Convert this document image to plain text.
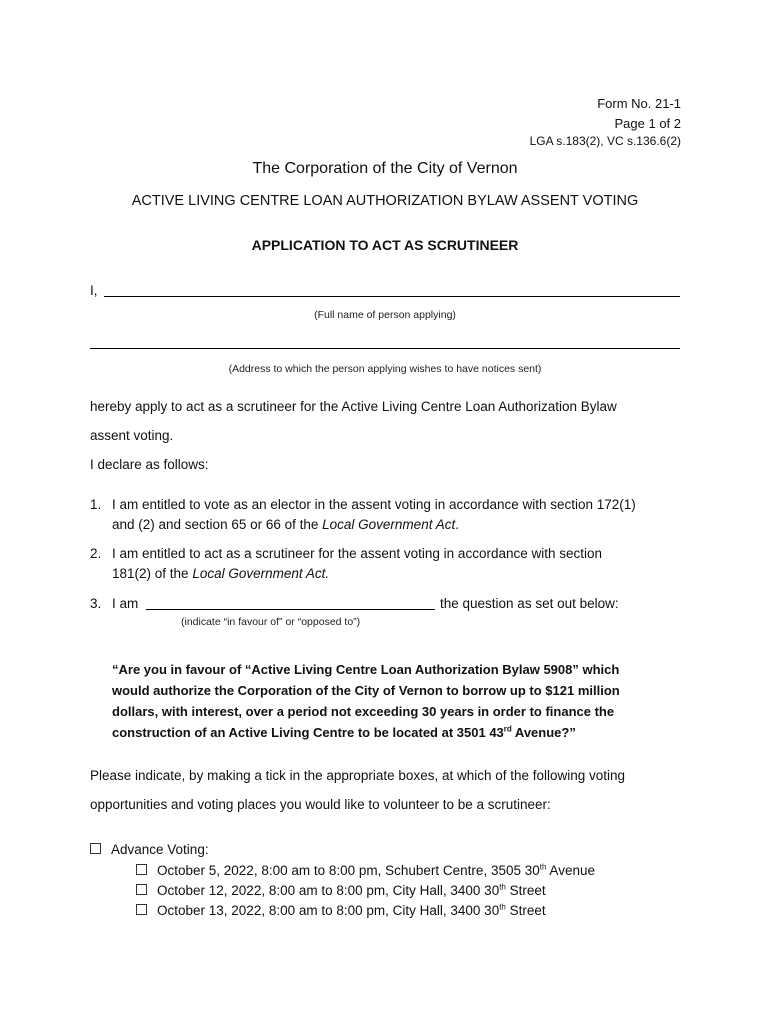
Form No. 21-1
Page 1 of 2
LGA s.183(2), VC s.136.6(2)
The Corporation of the City of Vernon
ACTIVE LIVING CENTRE LOAN AUTHORIZATION BYLAW ASSENT VOTING
APPLICATION TO ACT AS SCRUTINEER
I,
(Full name of person applying)
(Address to which the person applying wishes to have notices sent)
hereby apply to act as a scrutineer for the Active Living Centre Loan Authorization Bylaw
assent voting.
I declare as follows:
1. I am entitled to vote as an elector in the assent voting in accordance with section 172(1)
and (2) and section 65 or 66 of the Local Government Act.
2. I am entitled to act as a scrutineer for the assent voting in accordance with section
181(2) of the Local Government Act.
3. I am	the question as set out below:
(indicate “in favour of” or “opposed to”)
“Are you in favour of “Active Living Centre Loan Authorization Bylaw 5908” which
would authorize the Corporation of the City of Vernon to borrow up to $121 million
dollars, with interest, over a period not exceeding 30 years in order to finance the
construction of an Active Living Centre to be located at 3501 43rd Avenue?”
Please indicate, by making a tick in the appropriate boxes, at which of the following voting
opportunities and voting places you would like to volunteer to be a scrutineer:
Advance Voting:
October 5, 2022, 8:00 am to 8:00 pm, Schubert Centre, 3505 30th Avenue
October 12, 2022, 8:00 am to 8:00 pm, City Hall, 3400 30th Street
October 13, 2022, 8:00 am to 8:00 pm, City Hall, 3400 30th Street
